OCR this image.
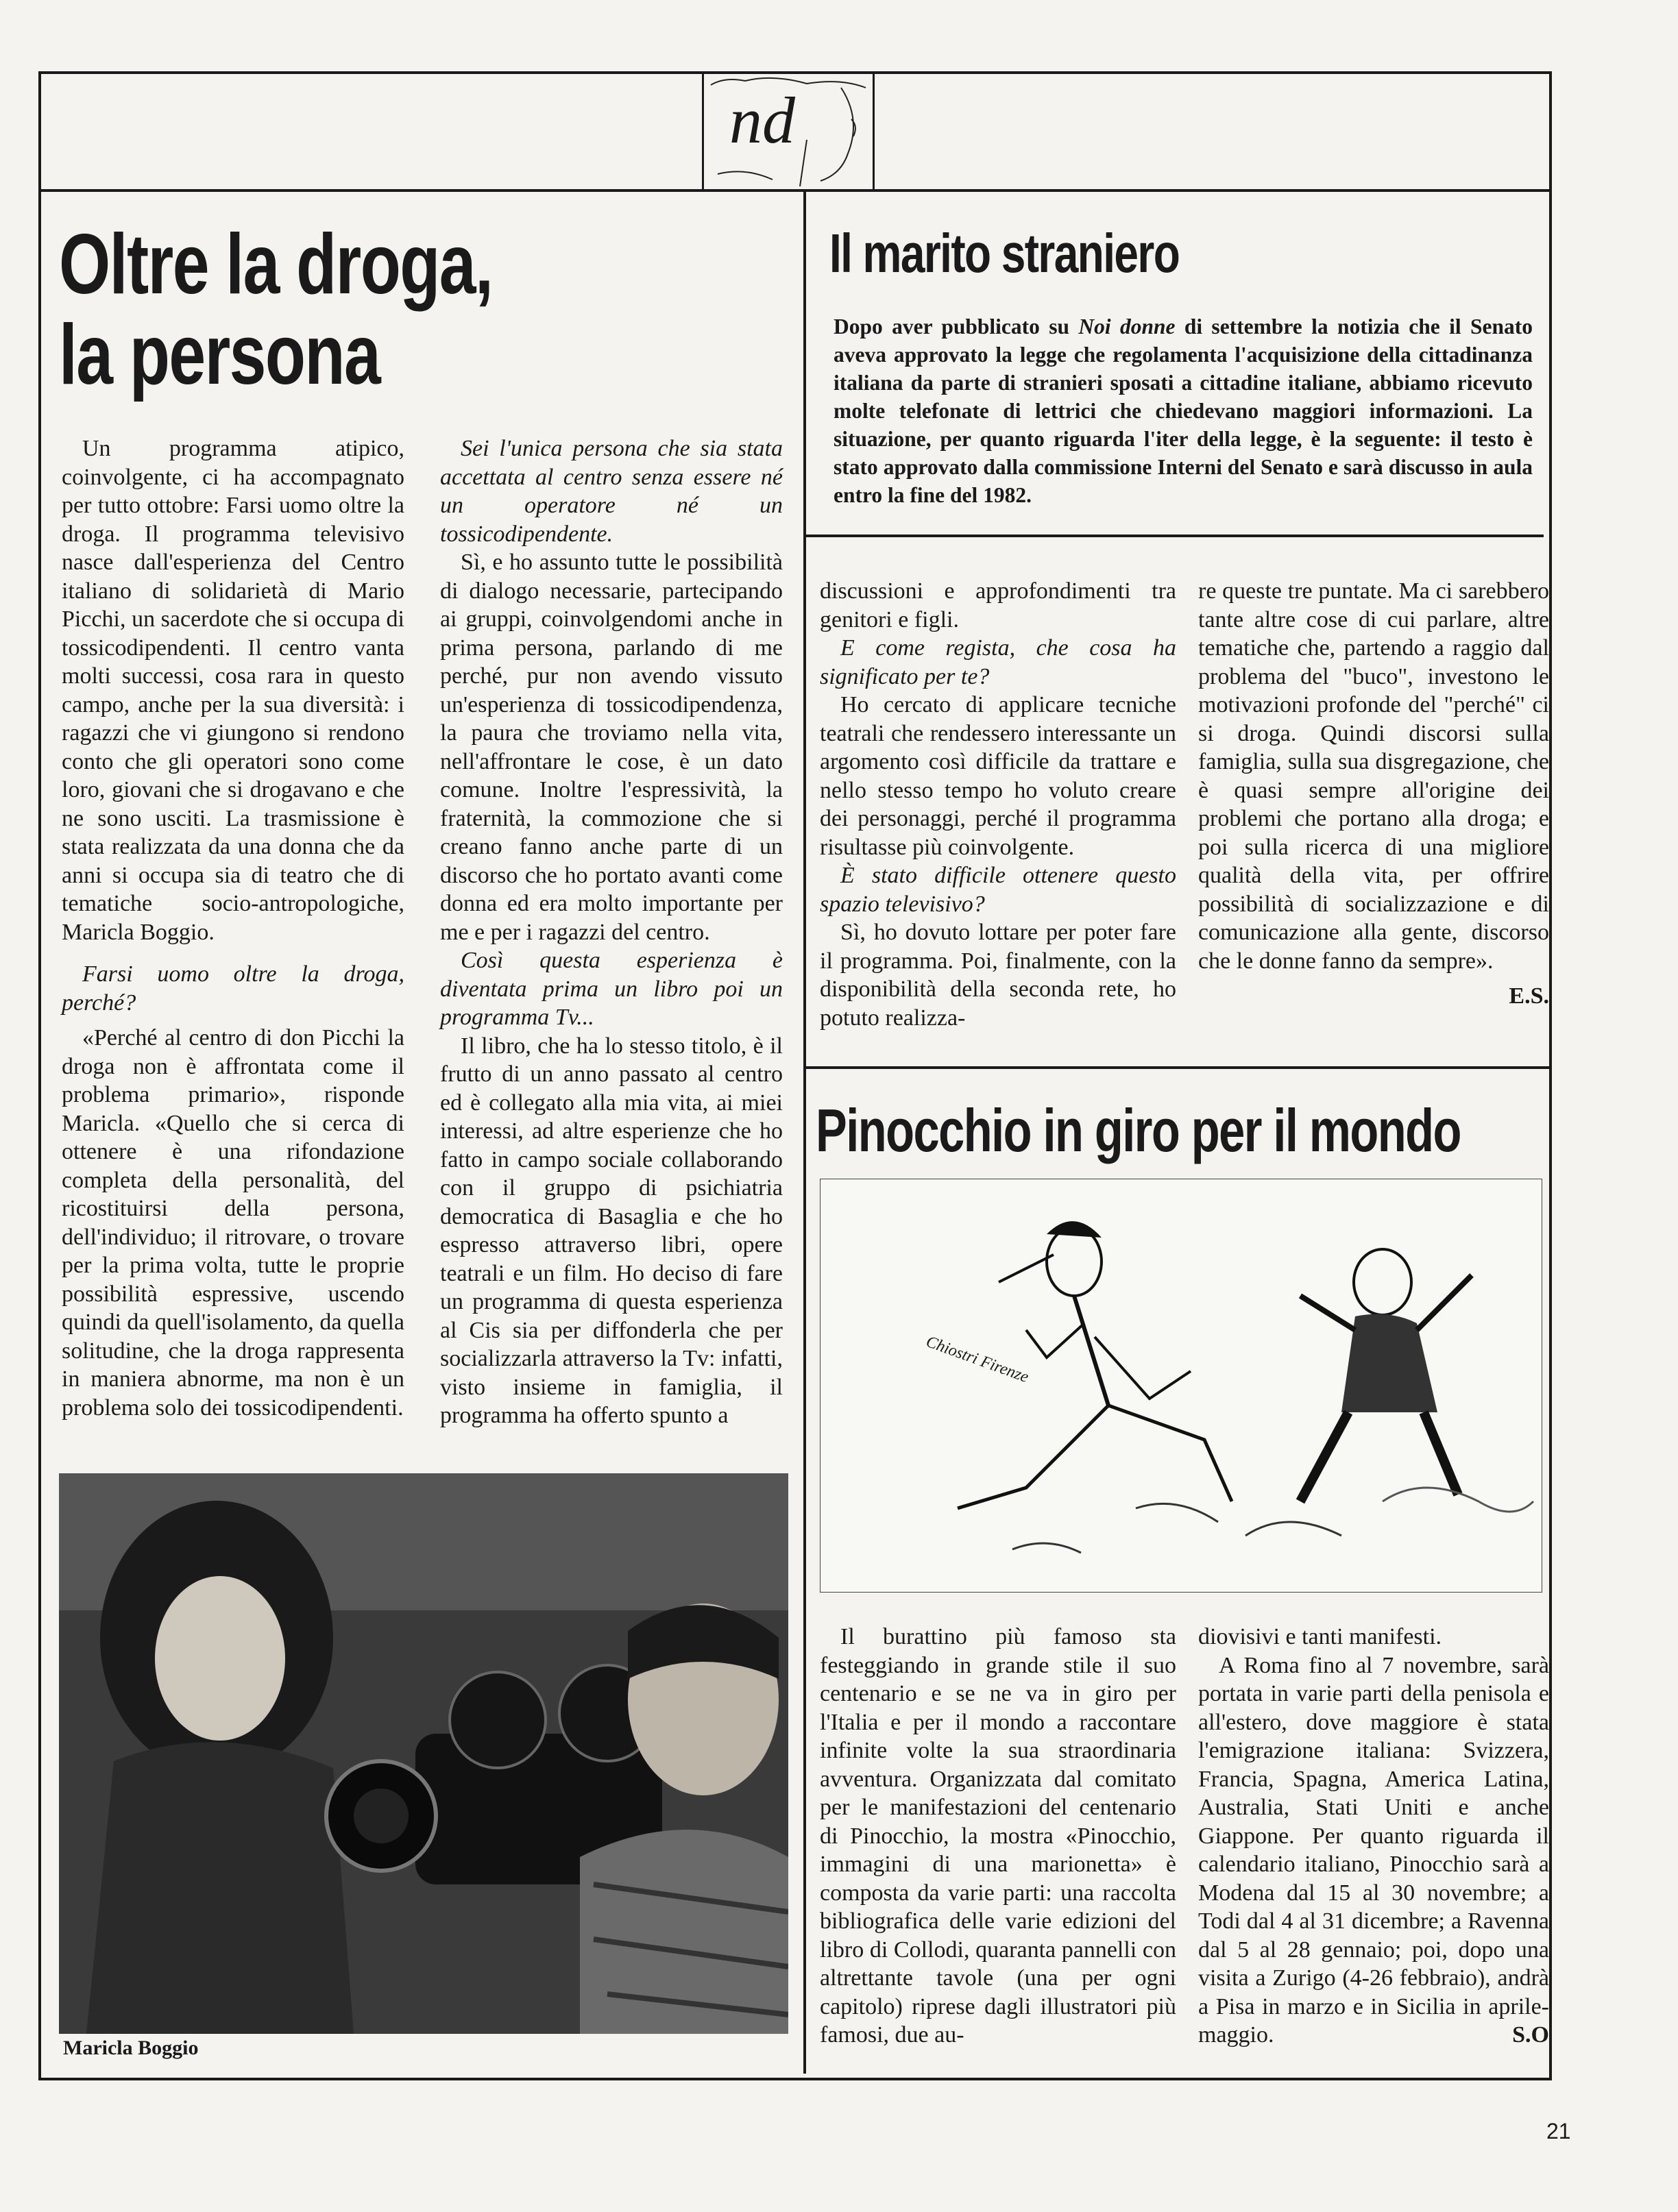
nd
Oltre la droga,
la persona

Un programma atipico, coinvolgente, ci ha accompagnato per tutto ottobre: Farsi uomo oltre la droga. Il programma televisivo nasce dall'esperienza del Centro italiano di solidarietà di Mario Picchi, un sacerdote che si occupa di tossicodipendenti. Il centro vanta molti successi, cosa rara in questo campo, anche per la sua diversità: i ragazzi che vi giungono si rendono conto che gli operatori sono come loro, giovani che si drogavano e che ne sono usciti. La trasmissione è stata realizzata da una donna che da anni si occupa sia di teatro che di tematiche socio-antropologiche, Maricla Boggio.

Farsi uomo oltre la droga, perché?

«Perché al centro di don Picchi la droga non è affrontata come il problema primario», risponde Maricla. «Quello che si cerca di ottenere è una rifondazione completa della personalità, del ricostituirsi della persona, dell'individuo; il ritrovare, o trovare per la prima volta, tutte le proprie possibilità espressive, uscendo quindi da quell'isolamento, da quella solitudine, che la droga rappresenta in maniera abnorme, ma non è un problema solo dei tossicodipendenti.

Sei l'unica persona che sia stata accettata al centro senza essere né un operatore né un tossicodipendente.

Sì, e ho assunto tutte le possibilità di dialogo necessarie, partecipando ai gruppi, coinvolgendomi anche in prima persona, parlando di me perché, pur non avendo vissuto un'esperienza di tossicodipendenza, la paura che troviamo nella vita, nell'affrontare le cose, è un dato comune. Inoltre l'espressività, la fraternità, la commozione che si creano fanno anche parte di un discorso che ho portato avanti come donna ed era molto importante per me e per i ragazzi del centro.

Così questa esperienza è diventata prima un libro poi un programma Tv...

Il libro, che ha lo stesso titolo, è il frutto di un anno passato al centro ed è collegato alla mia vita, ai miei interessi, ad altre esperienze che ho fatto in campo sociale collaborando con il gruppo di psichiatria democratica di Basaglia e che ho espresso attraverso libri, opere teatrali e un film. Ho deciso di fare un programma di questa esperienza al Cis sia per diffonderla che per socializzarla attraverso la Tv: infatti, visto insieme in famiglia, il programma ha offerto spunto a

discussioni e approfondimenti tra genitori e figli.

E come regista, che cosa ha significato per te?

Ho cercato di applicare tecniche teatrali che rendessero interessante un argomento così difficile da trattare e nello stesso tempo ho voluto creare dei personaggi, perché il programma risultasse più coinvolgente.

È stato difficile ottenere questo spazio televisivo?

Sì, ho dovuto lottare per poter fare il programma. Poi, finalmente, con la disponibilità della seconda rete, ho potuto realizza-

re queste tre puntate. Ma ci sarebbero tante altre cose di cui parlare, altre tematiche che, partendo a raggio dal problema del "buco", investono le motivazioni profonde del "perché" ci si droga. Quindi discorsi sulla famiglia, sulla sua disgregazione, che è quasi sempre all'origine dei problemi che portano alla droga; e poi sulla ricerca di una migliore qualità della vita, per offrire possibilità di socializzazione e di comunicazione alla gente, discorso che le donne fanno da sempre».

E.S.

Maricla Boggio
Il marito straniero
Dopo aver pubblicato su Noi donne di settembre la notizia che il Senato aveva approvato la legge che regolamenta l'acquisizione della cittadinanza italiana da parte di stranieri sposati a cittadine italiane, abbiamo ricevuto molte telefonate di lettrici che chiedevano maggiori informazioni. La situazione, per quanto riguarda l'iter della legge, è la seguente: il testo è stato approvato dalla commissione Interni del Senato e sarà discusso in aula entro la fine del 1982.
Pinocchio in giro per il mondo
Chiostri Firenze

Il burattino più famoso sta festeggiando in grande stile il suo centenario e se ne va in giro per l'Italia e per il mondo a raccontare infinite volte la sua straordinaria avventura. Organizzata dal comitato per le manifestazioni del centenario di Pinocchio, la mostra «Pinocchio, immagini di una marionetta» è composta da varie parti: una raccolta bibliografica delle varie edizioni del libro di Collodi, quaranta pannelli con altrettante tavole (una per ogni capitolo) riprese dagli illustratori più famosi, due au-

diovisivi e tanti manifesti.

A Roma fino al 7 novembre, sarà portata in varie parti della penisola e all'estero, dove maggiore è stata l'emigrazione italiana: Svizzera, Francia, Spagna, America Latina, Australia, Stati Uniti e anche Giappone. Per quanto riguarda il calendario italiano, Pinocchio sarà a Modena dal 15 al 30 novembre; a Todi dal 4 al 31 dicembre; a Ravenna dal 5 al 28 gennaio; poi, dopo una visita a Zurigo (4-26 febbraio), andrà a Pisa in marzo e in Sicilia in aprile-maggio.	S.O

21
